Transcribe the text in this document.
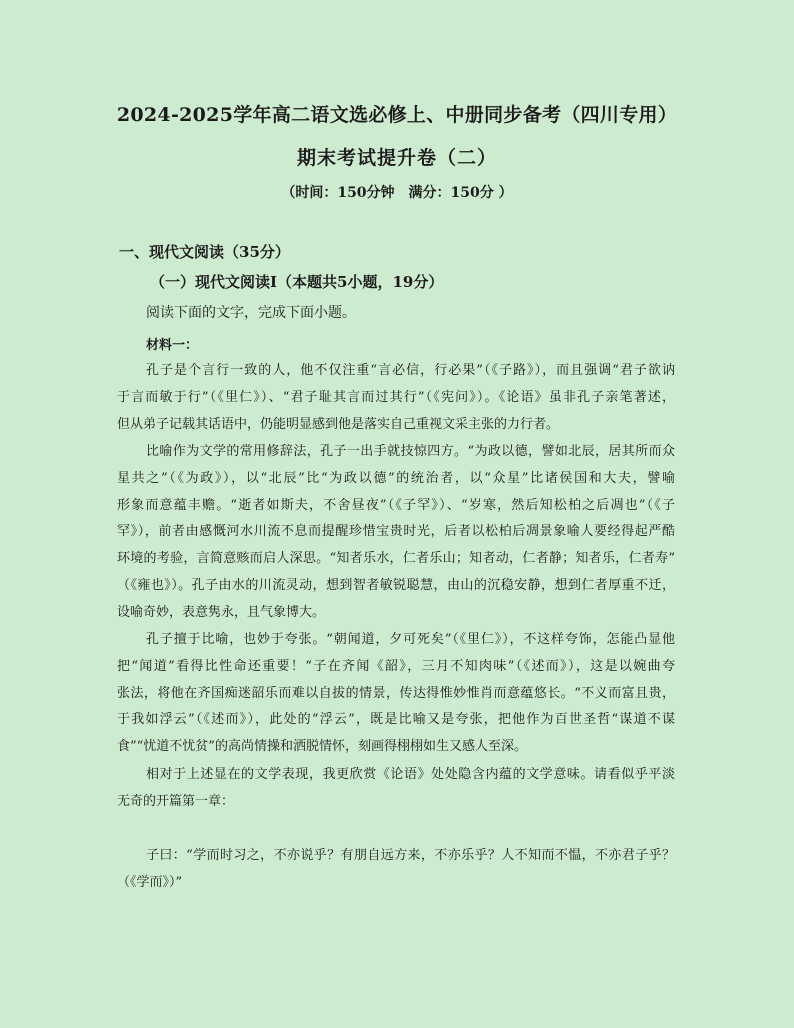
2024-2025学年高二语文选必修上、中册同步备考（四川专用）
期末考试提升卷（二）
（时间：150分钟　满分：150分 ）
一、现代文阅读（35分）
（一）现代文阅读Ⅰ（本题共5小题，19分）
阅读下面的文字，完成下面小题。
材料一：
孔子是个言行一致的人，他不仅注重“言必信，行必果”（《子路》），而且强调“君子欲讷
于言而敏于行”（《里仁》）、“君子耻其言而过其行”（《宪问》）。《论语》虽非孔子亲笔著述，
但从弟子记载其话语中，仍能明显感到他是落实自己重视文采主张的力行者。
比喻作为文学的常用修辞法，孔子一出手就技惊四方。“为政以德，譬如北辰，居其所而众
星共之”（《为政》），以“北辰”比“为政以德”的统治者，以“众星”比诸侯国和大夫，譬喻
形象而意蕴丰赡。“逝者如斯夫，不舍昼夜”（《子罕》）、“岁寒，然后知松柏之后凋也”（《子
罕》），前者由感慨河水川流不息而提醒珍惜宝贵时光，后者以松柏后凋景象喻人要经得起严酷
环境的考验，言简意赅而启人深思。“知者乐水，仁者乐山；知者动，仁者静；知者乐，仁者寿”
（《雍也》）。孔子由水的川流灵动，想到智者敏锐聪慧，由山的沉稳安静，想到仁者厚重不迁，
设喻奇妙，表意隽永，且气象博大。
孔子擅于比喻，也妙于夸张。“朝闻道，夕可死矣”（《里仁》），不这样夸饰，怎能凸显他
把“闻道”看得比性命还重要！“子在齐闻《韶》，三月不知肉味”（《述而》），这是以婉曲夸
张法，将他在齐国痴迷韶乐而难以自拔的情景，传达得惟妙惟肖而意蕴悠长。“不义而富且贵，
于我如浮云”（《述而》），此处的“浮云”，既是比喻又是夸张，把他作为百世圣哲“谋道不谋
食”“忧道不忧贫”的高尚情操和洒脱情怀，刻画得栩栩如生又感人至深。
相对于上述显在的文学表现，我更欣赏《论语》处处隐含内蕴的文学意味。请看似乎平淡
无奇的开篇第一章：
子曰：“学而时习之，不亦说乎？有朋自远方来，不亦乐乎？人不知而不愠，不亦君子乎？
（《学而》）”
